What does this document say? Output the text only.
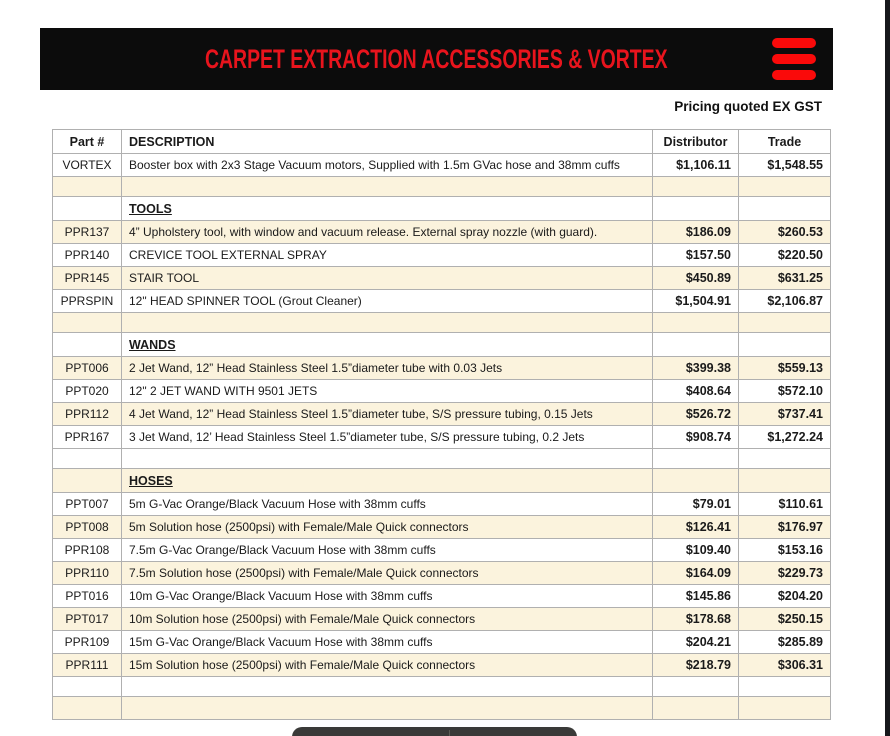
CARPET EXTRACTION ACCESSORIES & VORTEX
Pricing quoted EX GST
Part #	DESCRIPTION	Distributor	Trade
VORTEX	Booster box with 2x3 Stage Vacuum motors, Supplied with 1.5m GVac hose and 38mm cuffs	$1,106.11	$1,548.55

	TOOLS		
PPR137	4” Upholstery tool, with window and vacuum release. External spray nozzle (with guard).	$186.09	$260.53
PPR140	CREVICE TOOL EXTERNAL SPRAY	$157.50	$220.50
PPR145	STAIR TOOL	$450.89	$631.25
PPRSPIN	12" HEAD SPINNER TOOL (Grout Cleaner)	$1,504.91	$2,106.87

	WANDS		
PPT006	2 Jet Wand, 12” Head Stainless Steel 1.5”diameter tube with 0.03 Jets	$399.38	$559.13
PPT020	12" 2 JET WAND WITH 9501 JETS	$408.64	$572.10
PPR112	4 Jet Wand, 12” Head Stainless Steel 1.5”diameter tube, S/S pressure tubing, 0.15 Jets	$526.72	$737.41
PPR167	3 Jet Wand, 12’ Head Stainless Steel 1.5”diameter tube, S/S pressure tubing, 0.2 Jets	$908.74	$1,272.24

	HOSES		
PPT007	5m G-Vac Orange/Black Vacuum Hose with 38mm cuffs	$79.01	$110.61
PPT008	5m Solution hose (2500psi) with Female/Male Quick connectors	$126.41	$176.97
PPR108	7.5m G-Vac Orange/Black Vacuum Hose with 38mm cuffs	$109.40	$153.16
PPR110	7.5m Solution hose (2500psi) with Female/Male Quick connectors	$164.09	$229.73
PPT016	10m G-Vac Orange/Black Vacuum Hose with 38mm cuffs	$145.86	$204.20
PPT017	10m Solution hose (2500psi) with Female/Male Quick connectors	$178.68	$250.15
PPR109	15m G-Vac Orange/Black Vacuum Hose with 38mm cuffs	$204.21	$285.89
PPR111	15m Solution hose (2500psi) with Female/Male Quick connectors	$218.79	$306.31
